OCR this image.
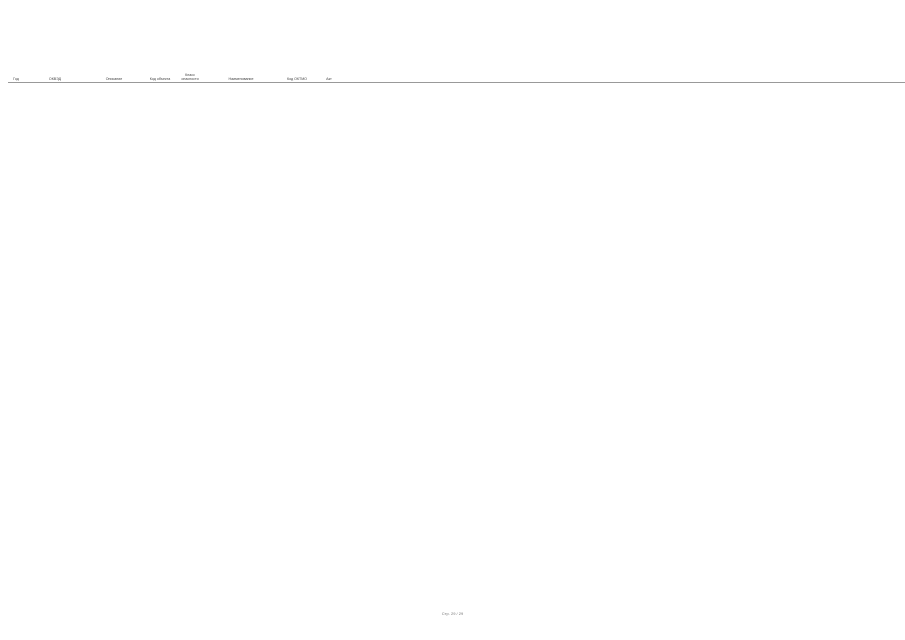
Год	ОКВЭД	Описание	Код объекта	Класс опасности	Наименование	Код ОКТМО	Акт																						
Стр. 29 / 29
